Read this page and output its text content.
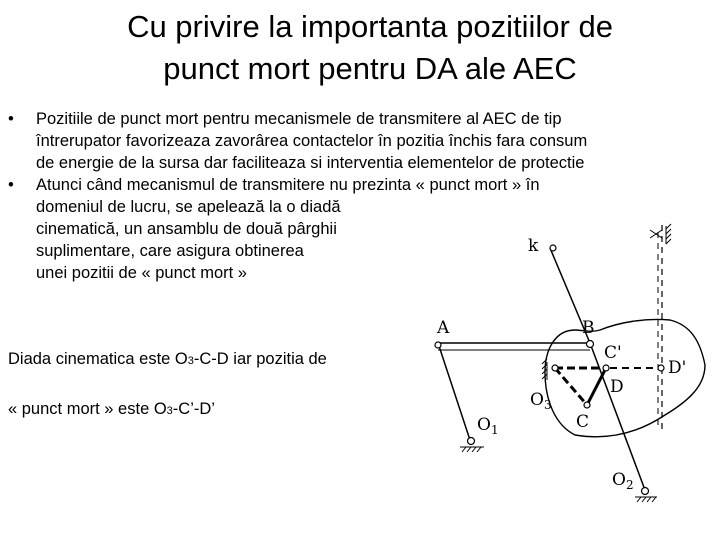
Cu privire la importanta pozitiilor de
punct mort pentru DA ale AEC
•	Pozitiile de punct mort pentru mecanismele de transmitere al AEC de tip
întrerupator favorizeaza zavorârea contactelor în pozitia închis fara consum
de energie de la sursa dar faciliteaza si interventia elementelor de protectie
•	Atunci când mecanismul de transmitere nu prezinta « punct mort » în
domeniul de lucru, se apelează la o diadă
cinematică, un ansamblu de două pârghii
suplimentare, care asigura obtinerea
unei pozitii de « punct mort »
Diada cinematica este O3-C-D iar pozitia de
« punct mort » este O3-C’-D’
k
A	B
C'
D'
D
$O_3$
C
$O_1$
$O_2$
